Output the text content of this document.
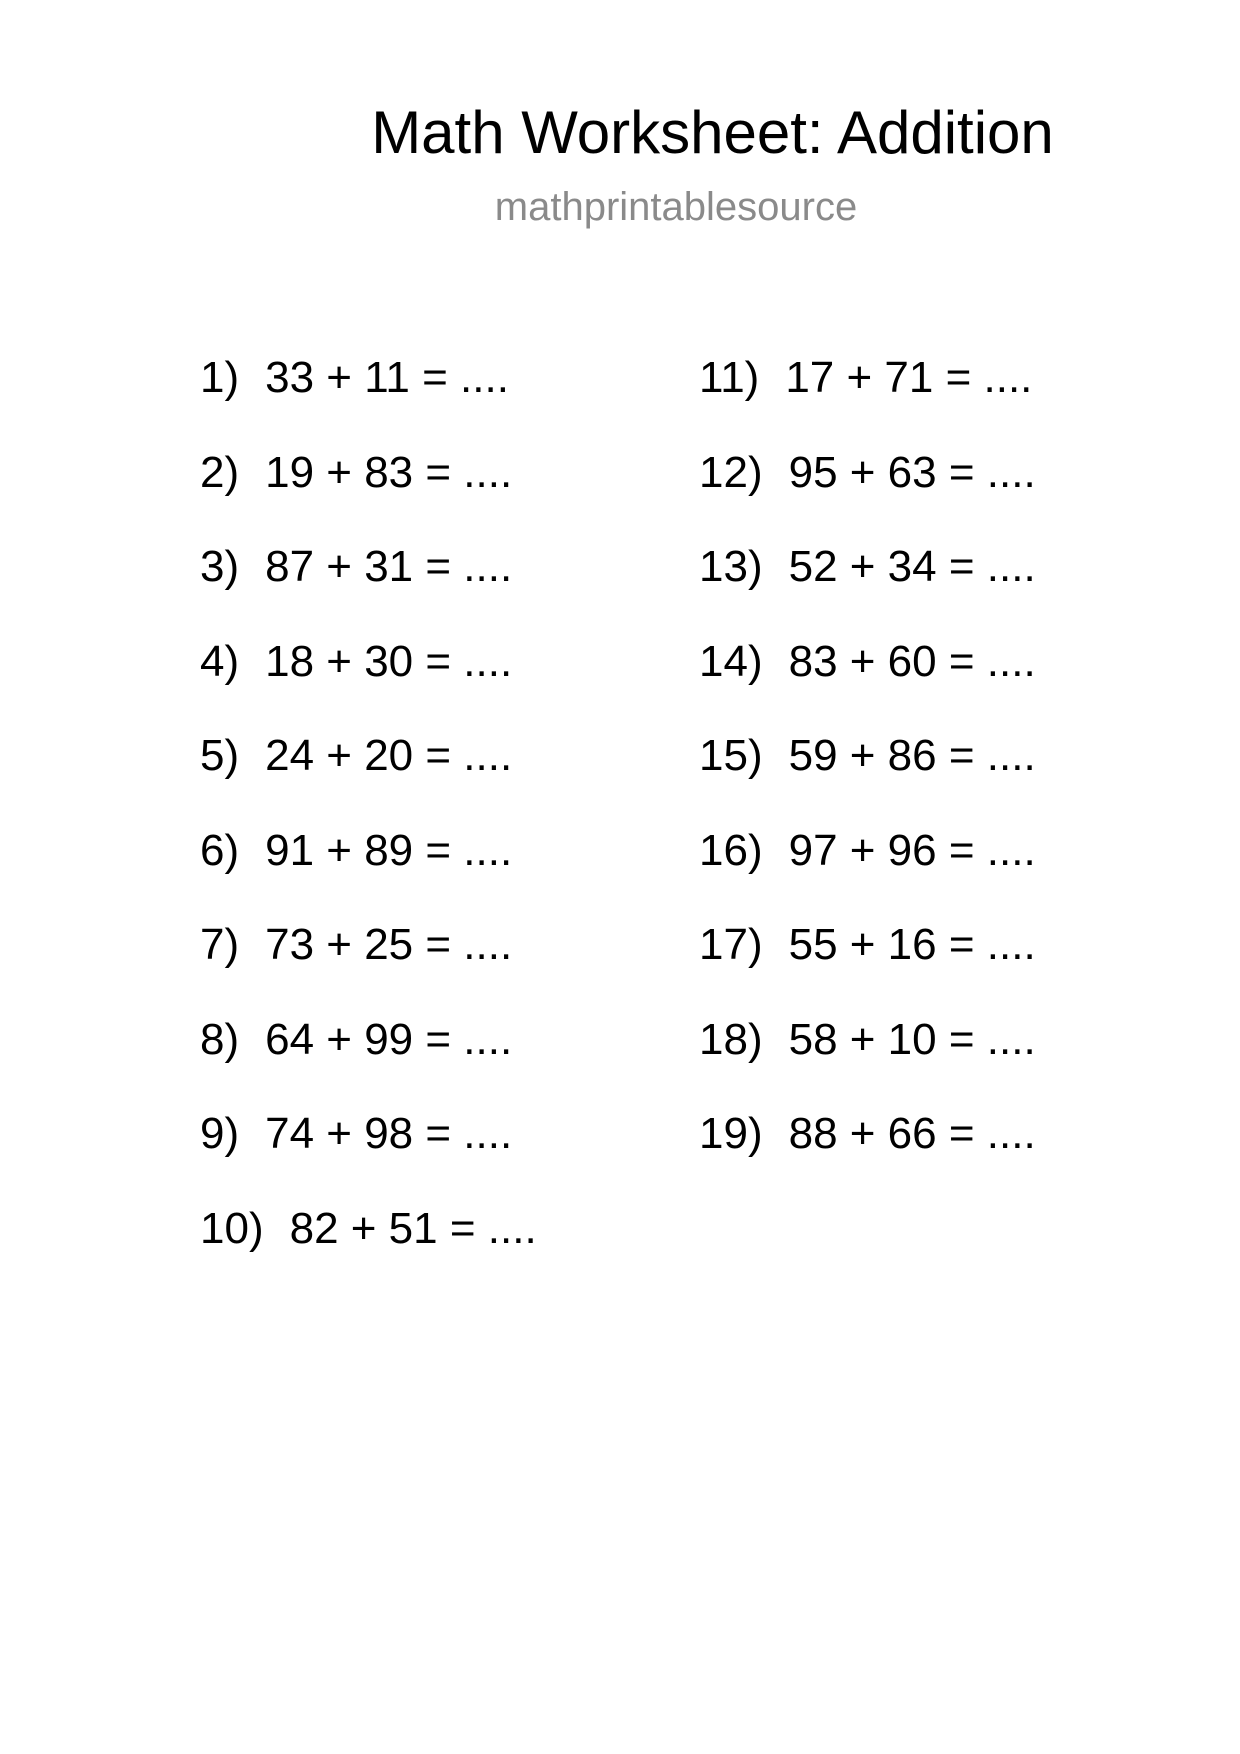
Math Worksheet: Addition
mathprintablesource
1) 33 + 11 = ....
2) 19 + 83 = ....
3) 87 + 31 = ....
4) 18 + 30 = ....
5) 24 + 20 = ....
6) 91 + 89 = ....
7) 73 + 25 = ....
8) 64 + 99 = ....
9) 74 + 98 = ....
10) 82 + 51 = ....
11) 17 + 71 = ....
12) 95 + 63 = ....
13) 52 + 34 = ....
14) 83 + 60 = ....
15) 59 + 86 = ....
16) 97 + 96 = ....
17) 55 + 16 = ....
18) 58 + 10 = ....
19) 88 + 66 = ....
